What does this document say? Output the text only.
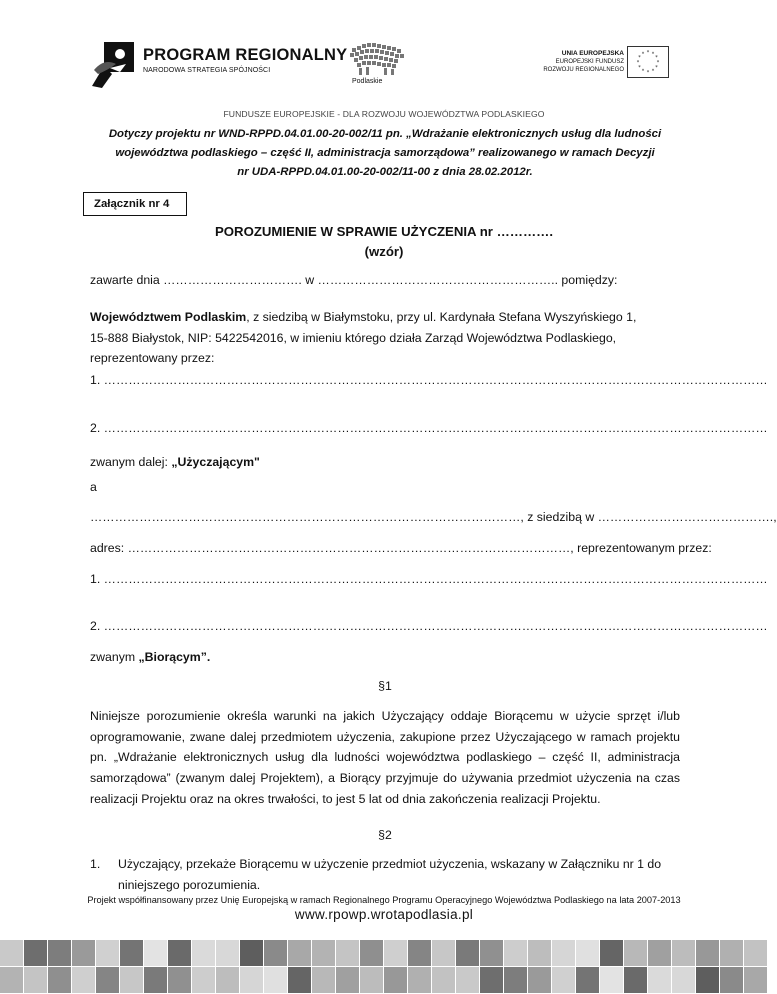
PROGRAM REGIONALNY
NARODOWA STRATEGIA SPÓJNOŚCI
Podlaskie
UNIA EUROPEJSKA
EUROPEJSKI FUNDUSZ
ROZWOJU REGIONALNEGO
* *
*
*
*
*
*
*
*
*
*
*
FUNDUSZE EUROPEJSKIE - DLA ROZWOJU WOJEWÓDZTWA PODLASKIEGO
Dotyczy projektu nr WND-RPPD.04.01.00-20-002/11 pn. „Wdrażanie elektronicznych usług dla ludności
województwa podlaskiego – część II, administracja samorządowa” realizowanego w ramach Decyzji
nr UDA-RPPD.04.01.00-20-002/11-00 z dnia 28.02.2012r.
Załącznik nr 4
POROZUMIENIE W SPRAWIE UŻYCZENIA nr ………….
(wzór)
zawarte dnia ……………………………. w ………………………………………………….. pomiędzy:
Województwem Podlaskim, z siedzibą w Białymstoku, przy ul. Kardynała Stefana Wyszyńskiego 1,
15-888 Białystok, NIP: 5422542016, w imieniu którego działa Zarząd Województwa Podlaskiego,
reprezentowany przez:
1. ………………………………………………………………………………………………………………………………………………
2. ………………………………………………………………………………………………………………………………………………
zwanym dalej: „Użyczającym"
a
……………………………………………………………………………………………, z siedzibą w …………………………………….,
adres: ………………………………………………………………………………………………, reprezentowanym przez:
1. ………………………………………………………………………………………………………………………………………………
2. ………………………………………………………………………………………………………………………………………………
zwanym „Biorącym”.
§1
Niniejsze porozumienie określa warunki na jakich Użyczający oddaje Biorącemu w użycie sprzęt i/lub oprogramowanie, zwane dalej przedmiotem użyczenia, zakupione przez Użyczającego w ramach projektu pn. „Wdrażanie elektronicznych usług dla ludności województwa podlaskiego – część II, administracja samorządowa” (zwanym dalej Projektem), a Biorący przyjmuje do używania przedmiot użyczenia na czas realizacji Projektu oraz na okres trwałości, to jest 5 lat od dnia zakończenia realizacji Projektu.
§2
1. Użyczający, przekaże Biorącemu w użyczenie przedmiot użyczenia, wskazany w Załączniku nr 1 do niniejszego porozumienia.
Projekt współfinansowany przez Unię Europejską w ramach Regionalnego Programu Operacyjnego Województwa Podlaskiego na lata 2007-2013
www.rpowp.wrotapodlasia.pl
